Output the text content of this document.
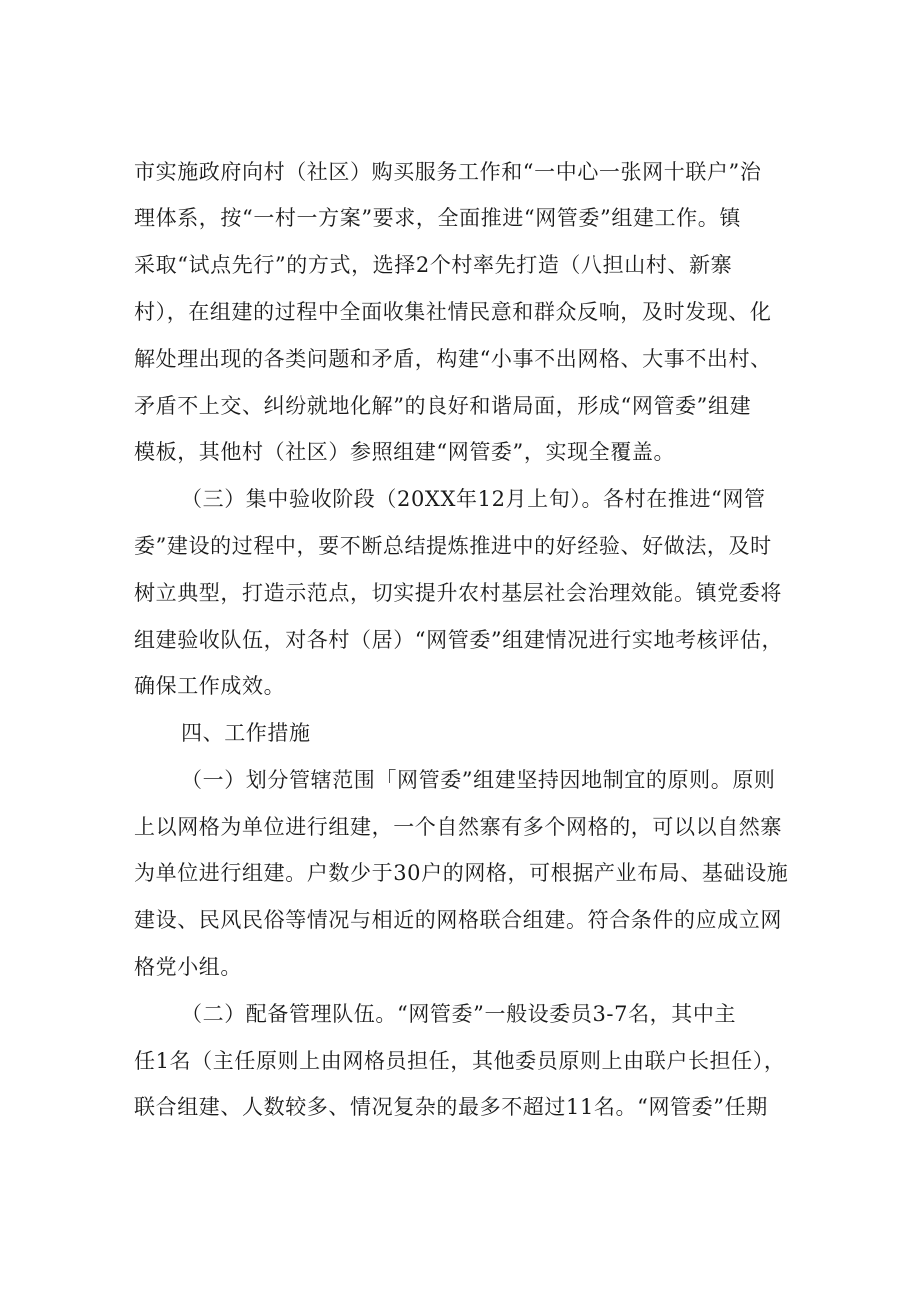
市实施政府向村（社区）购买服务工作和“一中心一张网十联户”治
理体系，按“一村一方案”要求，全面推进“网管委”组建工作。镇
采取“试点先行”的方式，选择2个村率先打造（八担山村、新寨
村），在组建的过程中全面收集社情民意和群众反响，及时发现、化
解处理出现的各类问题和矛盾，构建“小事不出网格、大事不出村、
矛盾不上交、纠纷就地化解”的良好和谐局面，形成“网管委”组建
模板，其他村（社区）参照组建“网管委”，实现全覆盖。
（三）集中验收阶段（20XX年12月上旬）。各村在推进“网管
委”建设的过程中，要不断总结提炼推进中的好经验、好做法，及时
树立典型，打造示范点，切实提升农村基层社会治理效能。镇党委将
组建验收队伍，对各村（居）“网管委”组建情况进行实地考核评估，
确保工作成效。
四、工作措施
（一）划分管辖范围「网管委”组建坚持因地制宜的原则。原则
上以网格为单位进行组建，一个自然寨有多个网格的，可以以自然寨
为单位进行组建。户数少于30户的网格，可根据产业布局、基础设施
建设、民风民俗等情况与相近的网格联合组建。符合条件的应成立网
格党小组。
（二）配备管理队伍。“网管委”一般设委员3-7名，其中主
任1名（主任原则上由网格员担任，其他委员原则上由联户长担任），
联合组建、人数较多、情况复杂的最多不超过11名。“网管委”任期
